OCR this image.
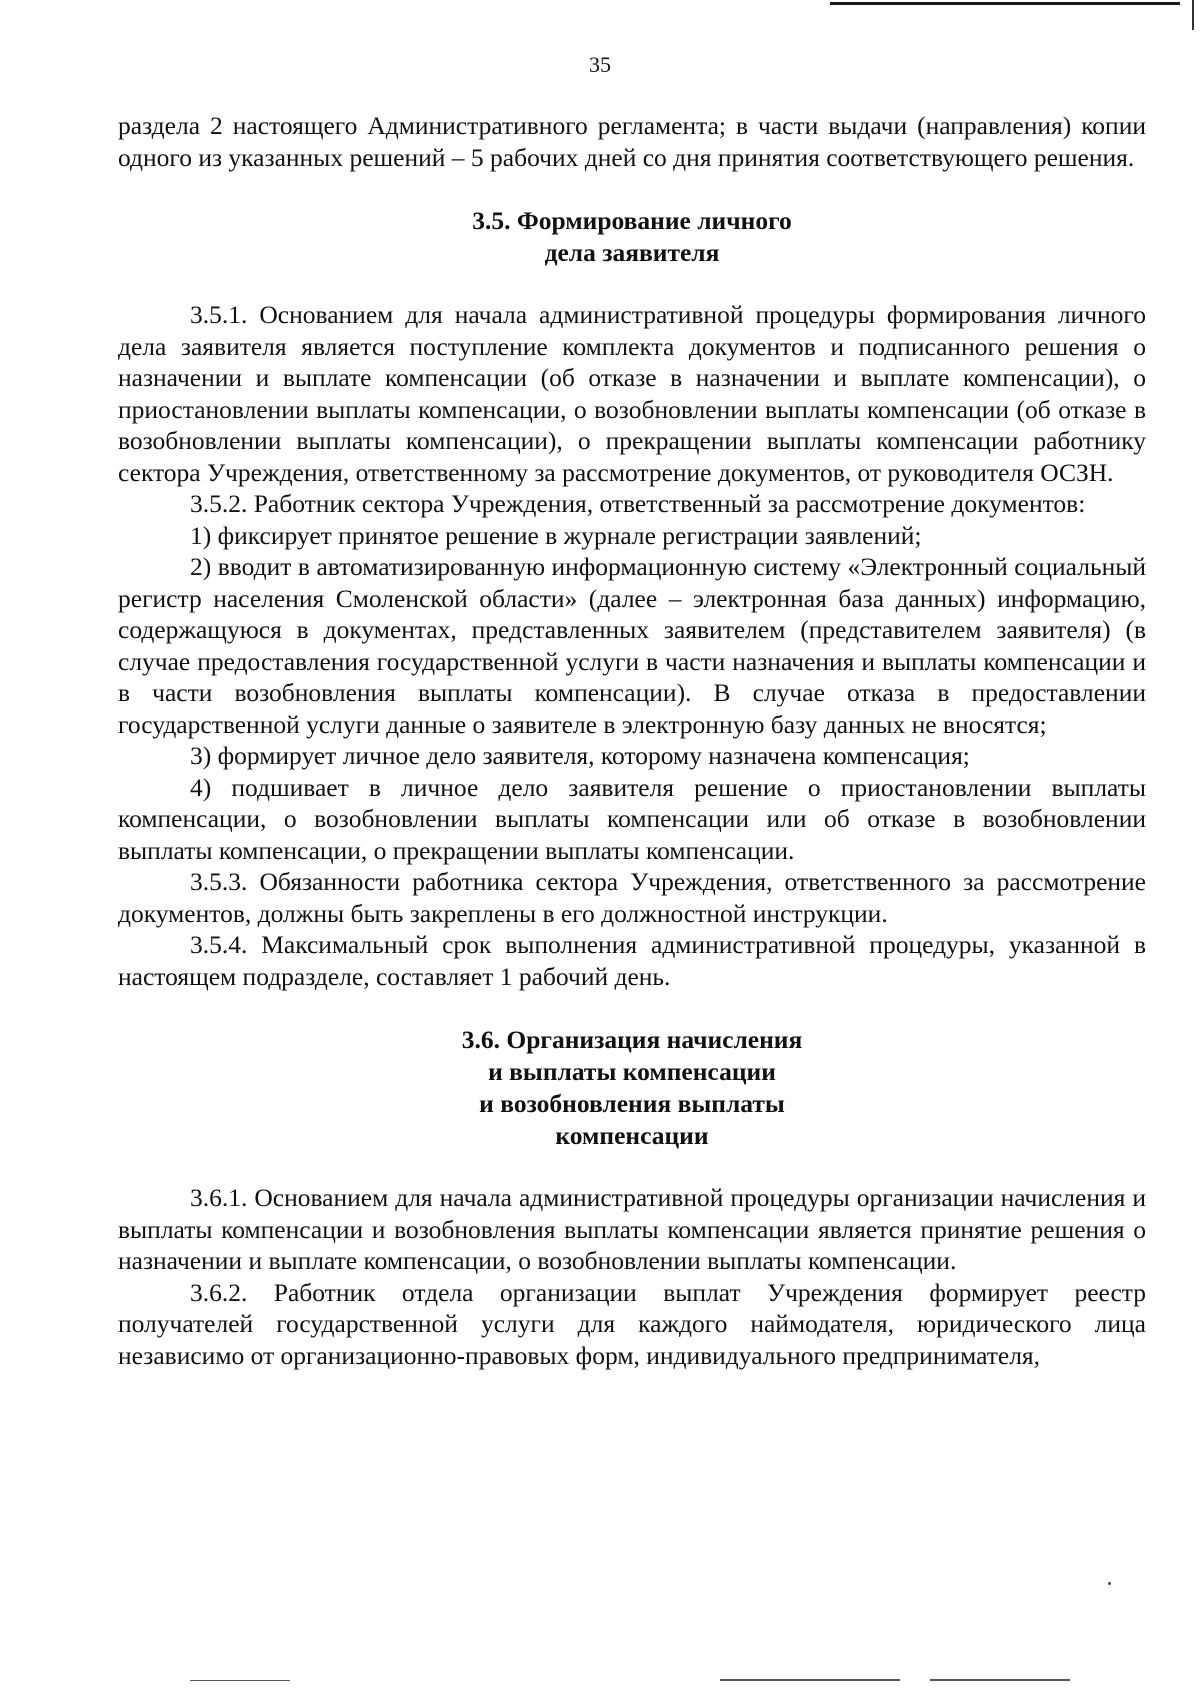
35

раздела 2 настоящего Административного регламента; в части выдачи (направления) копии одного из указанных решений – 5 рабочих дней со дня принятия соответствующего решения.

3.5. Формирование личного
дела заявителя

3.5.1. Основанием для начала административной процедуры формирования личного дела заявителя является поступление комплекта документов и подписанного решения о назначении и выплате компенсации (об отказе в назначении и выплате компенсации), о приостановлении выплаты компенсации, о возобновлении выплаты компенсации (об отказе в возобновлении выплаты компенсации), о прекращении выплаты компенсации работнику сектора Учреждения, ответственному за рассмотрение документов, от руководителя ОСЗН.

3.5.2. Работник сектора Учреждения, ответственный за рассмотрение документов:

1) фиксирует принятое решение в журнале регистрации заявлений;

2) вводит в автоматизированную информационную систему «Электронный социальный регистр населения Смоленской области» (далее – электронная база данных) информацию, содержащуюся в документах, представленных заявителем (представителем заявителя) (в случае предоставления государственной услуги в части назначения и выплаты компенсации и в части возобновления выплаты компенсации). В случае отказа в предоставлении государственной услуги данные о заявителе в электронную базу данных не вносятся;

3) формирует личное дело заявителя, которому назначена компенсация;

4) подшивает в личное дело заявителя решение о приостановлении выплаты компенсации, о возобновлении выплаты компенсации или об отказе в возобновлении выплаты компенсации, о прекращении выплаты компенсации.

3.5.3. Обязанности работника сектора Учреждения, ответственного за рассмотрение документов, должны быть закреплены в его должностной инструкции.

3.5.4. Максимальный срок выполнения административной процедуры, указанной в настоящем подразделе, составляет 1 рабочий день.

3.6. Организация начисления
и выплаты компенсации
и возобновления выплаты
компенсации

3.6.1. Основанием для начала административной процедуры организации начисления и выплаты компенсации и возобновления выплаты компенсации является принятие решения о назначении и выплате компенсации, о возобновлении выплаты компенсации.

3.6.2. Работник отдела организации выплат Учреждения формирует реестр получателей государственной услуги для каждого наймодателя, юридического лица независимо от организационно-правовых форм, индивидуального предпринимателя,
